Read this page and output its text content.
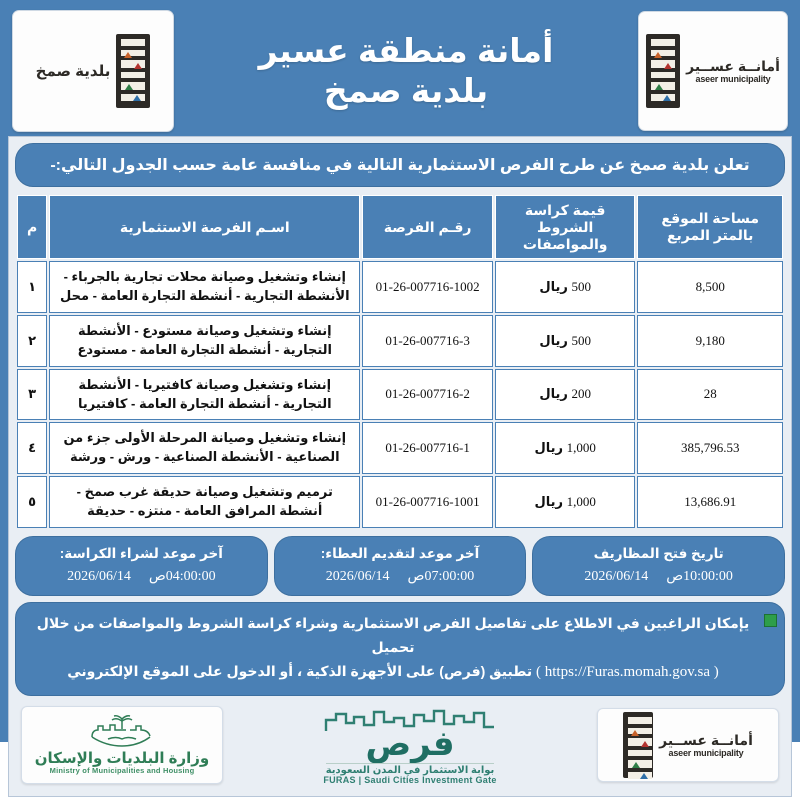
أمانــة عســير
aseer municipality
أمانة منطقة عسير
بلدية صمخ
بلدية صمخ
تعلن بلدية صمخ عن طرح الفرص الاستثمارية التالية في منافسة عامة حسب الجدول التالي:-
مساحة الموقع بالمتر المربع	قيمة كراسة الشروط والمواصفات	رقـم الفرصة	اسـم الفرصة الاستثمارية	م
8,500	500 ريال	01-26-007716-1002	إنشاء وتشغيل وصيانة محلات تجارية بالجرباء - الأنشطة التجارية - أنشطة التجارة العامة - محل	١
9,180	500 ريال	01-26-007716-3	إنشاء وتشغيل وصيانة مستودع - الأنشطة التجارية - أنشطة التجارة العامة - مستودع	٢
28	200 ريال	01-26-007716-2	إنشاء وتشغيل وصيانة كافتيريا - الأنشطة التجارية - أنشطة التجارة العامة - كافتيريا	٣
385,796.53	1,000 ريال	01-26-007716-1	إنشاء وتشغيل وصيانة المرحلة الأولى جزء من الصناعية - الأنشطة الصناعية - ورش - ورشة	٤
13,686.91	1,000 ريال	01-26-007716-1001	ترميم وتشغيل وصيانة حديقة غرب صمخ - أنشطة المرافق العامة - منتزه - حديقة	٥
تاريخ فتح المظاريف
10:00:00ص
2026/06/14
آخر موعد لتقديم العطاء:
07:00:00ص
2026/06/14
آخر موعد لشراء الكراسة:
04:00:00ص
2026/06/14
يإمكان الراغبين في الاطلاع على تفاصيل الفرص الاستثمارية وشراء كراسة الشروط والمواصفات من خلال تحميل
( https://Furas.momah.gov.sa ) تطبيق (فرص) على الأجهزة الذكية ، أو الدخول على الموقع الإلكتروني
أمانــة عســير
aseer municipality
فرص
بوابة الاستثمار في المدن السعودية
FURAS | Saudi Cities Investment Gate
وزارة البلديات والإسكان
Ministry of Municipalities and Housing
